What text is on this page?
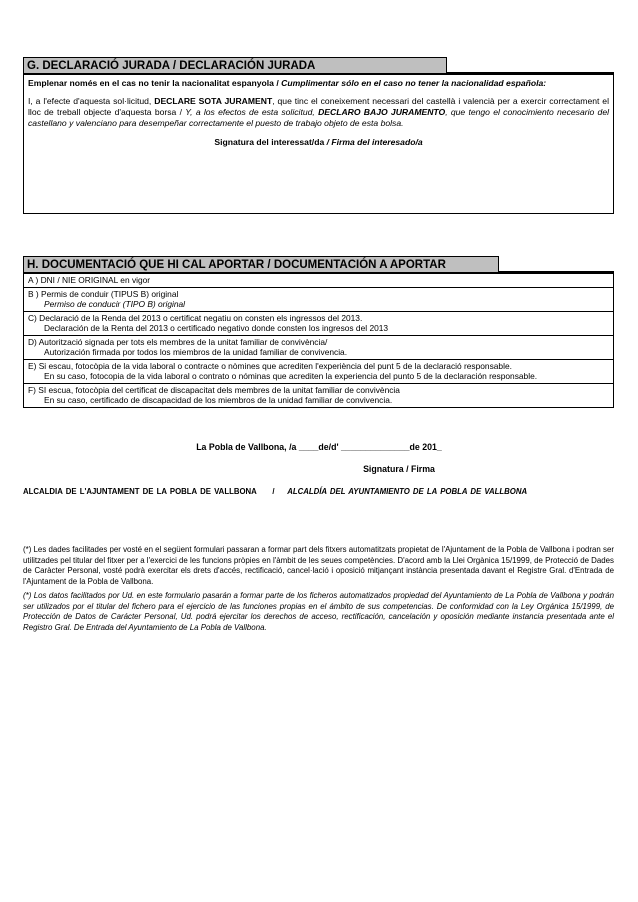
G. DECLARACIÓ JURADA / DECLARACIÓN JURADA

Emplenar només en el cas no tenir la nacionalitat espanyola / Cumplimentar sólo en el caso no tener la nacionalidad española:

I, a l'efecte d'aquesta sol·licitud, DECLARE SOTA JURAMENT, que tinc el coneixement necessari del castellà i valencià per a exercir correctament el lloc de treball objecte d'aquesta borsa / Y, a los efectos de esta solicitud, DECLARO BAJO JURAMENTO, que tengo el conocimiento necesario del castellano y valenciano para desempeñar correctamente el puesto de trabajo objeto de esta bolsa.

Signatura del interessat/da / Firma del interesado/a

H. DOCUMENTACIÓ QUE HI CAL APORTAR / DOCUMENTACIÓN A APORTAR
A ) DNI / NIE ORIGINAL en vigor
B ) Permis de conduir (TIPUS B) original
Permiso de conducir (TIPO B) original

C) Declaració de la Renda del 2013 o certificat negatiu on consten els ingressos del 2013.
Declaración de la Renta del 2013 o certificado negativo donde consten los ingresos del 2013

D) Autorització signada per tots els membres de la unitat familiar de convivència/
Autorización firmada por todos los miembros de la unidad familiar de convivencia.

E) Si escau, fotocòpia de la vida laboral o contracte o nòmines que acrediten l'experiència del punt 5 de la declaració responsable.
En su caso, fotocopia de la vida laboral o contrato o nóminas que acrediten la experiencia del punto 5 de la declaración responsable.

F) SI escua, fotocòpia del certificat de discapacitat dels membres de la unitat familiar de convivència
En su caso, certificado de discapacidad de los miembros de la unidad familiar de convivencia.
La Pobla de Vallbona, /a ____de/d' ______________de 201_
Signatura / Firma
ALCALDIA DE L'AJUNTAMENT DE LA POBLA DE VALLBONA / ALCALDÍA DEL AYUNTAMIENTO DE LA POBLA DE VALLBONA

(*) Les dades facilitades per vosté en el següent formulari passaran a formar part dels fitxers automatitzats propietat de l'Ajuntament de la Pobla de Vallbona i podran ser utilitzades pel titular del fitxer per a l'exercici de les funcions pròpies en l'àmbit de les seues competències. D'acord amb la Llei Orgànica 15/1999, de Protecció de Dades de Caràcter Personal, vosté podrà exercitar els drets d'accés, rectificació, cancel·lació i oposició mitjançant instància presentada davant el Registre Gral. d'Entrada de l'Ajuntament de la Pobla de Vallbona.

(*) Los datos facilitados por Ud. en este formulario pasarán a formar parte de los ficheros automatizados propiedad del Ayuntamiento de La Pobla de Vallbona y podrán ser utilizados por el titular del fichero para el ejercicio de las funciones propias en el ámbito de sus competencias. De conformidad con la Ley Orgánica 15/1999, de Protección de Datos de Carácter Personal, Ud. podrá ejercitar los derechos de acceso, rectificación, cancelación y oposición mediante instancia presentada ante el Registro Gral. De Entrada del Ayuntamiento de La Pobla de Vallbona.
